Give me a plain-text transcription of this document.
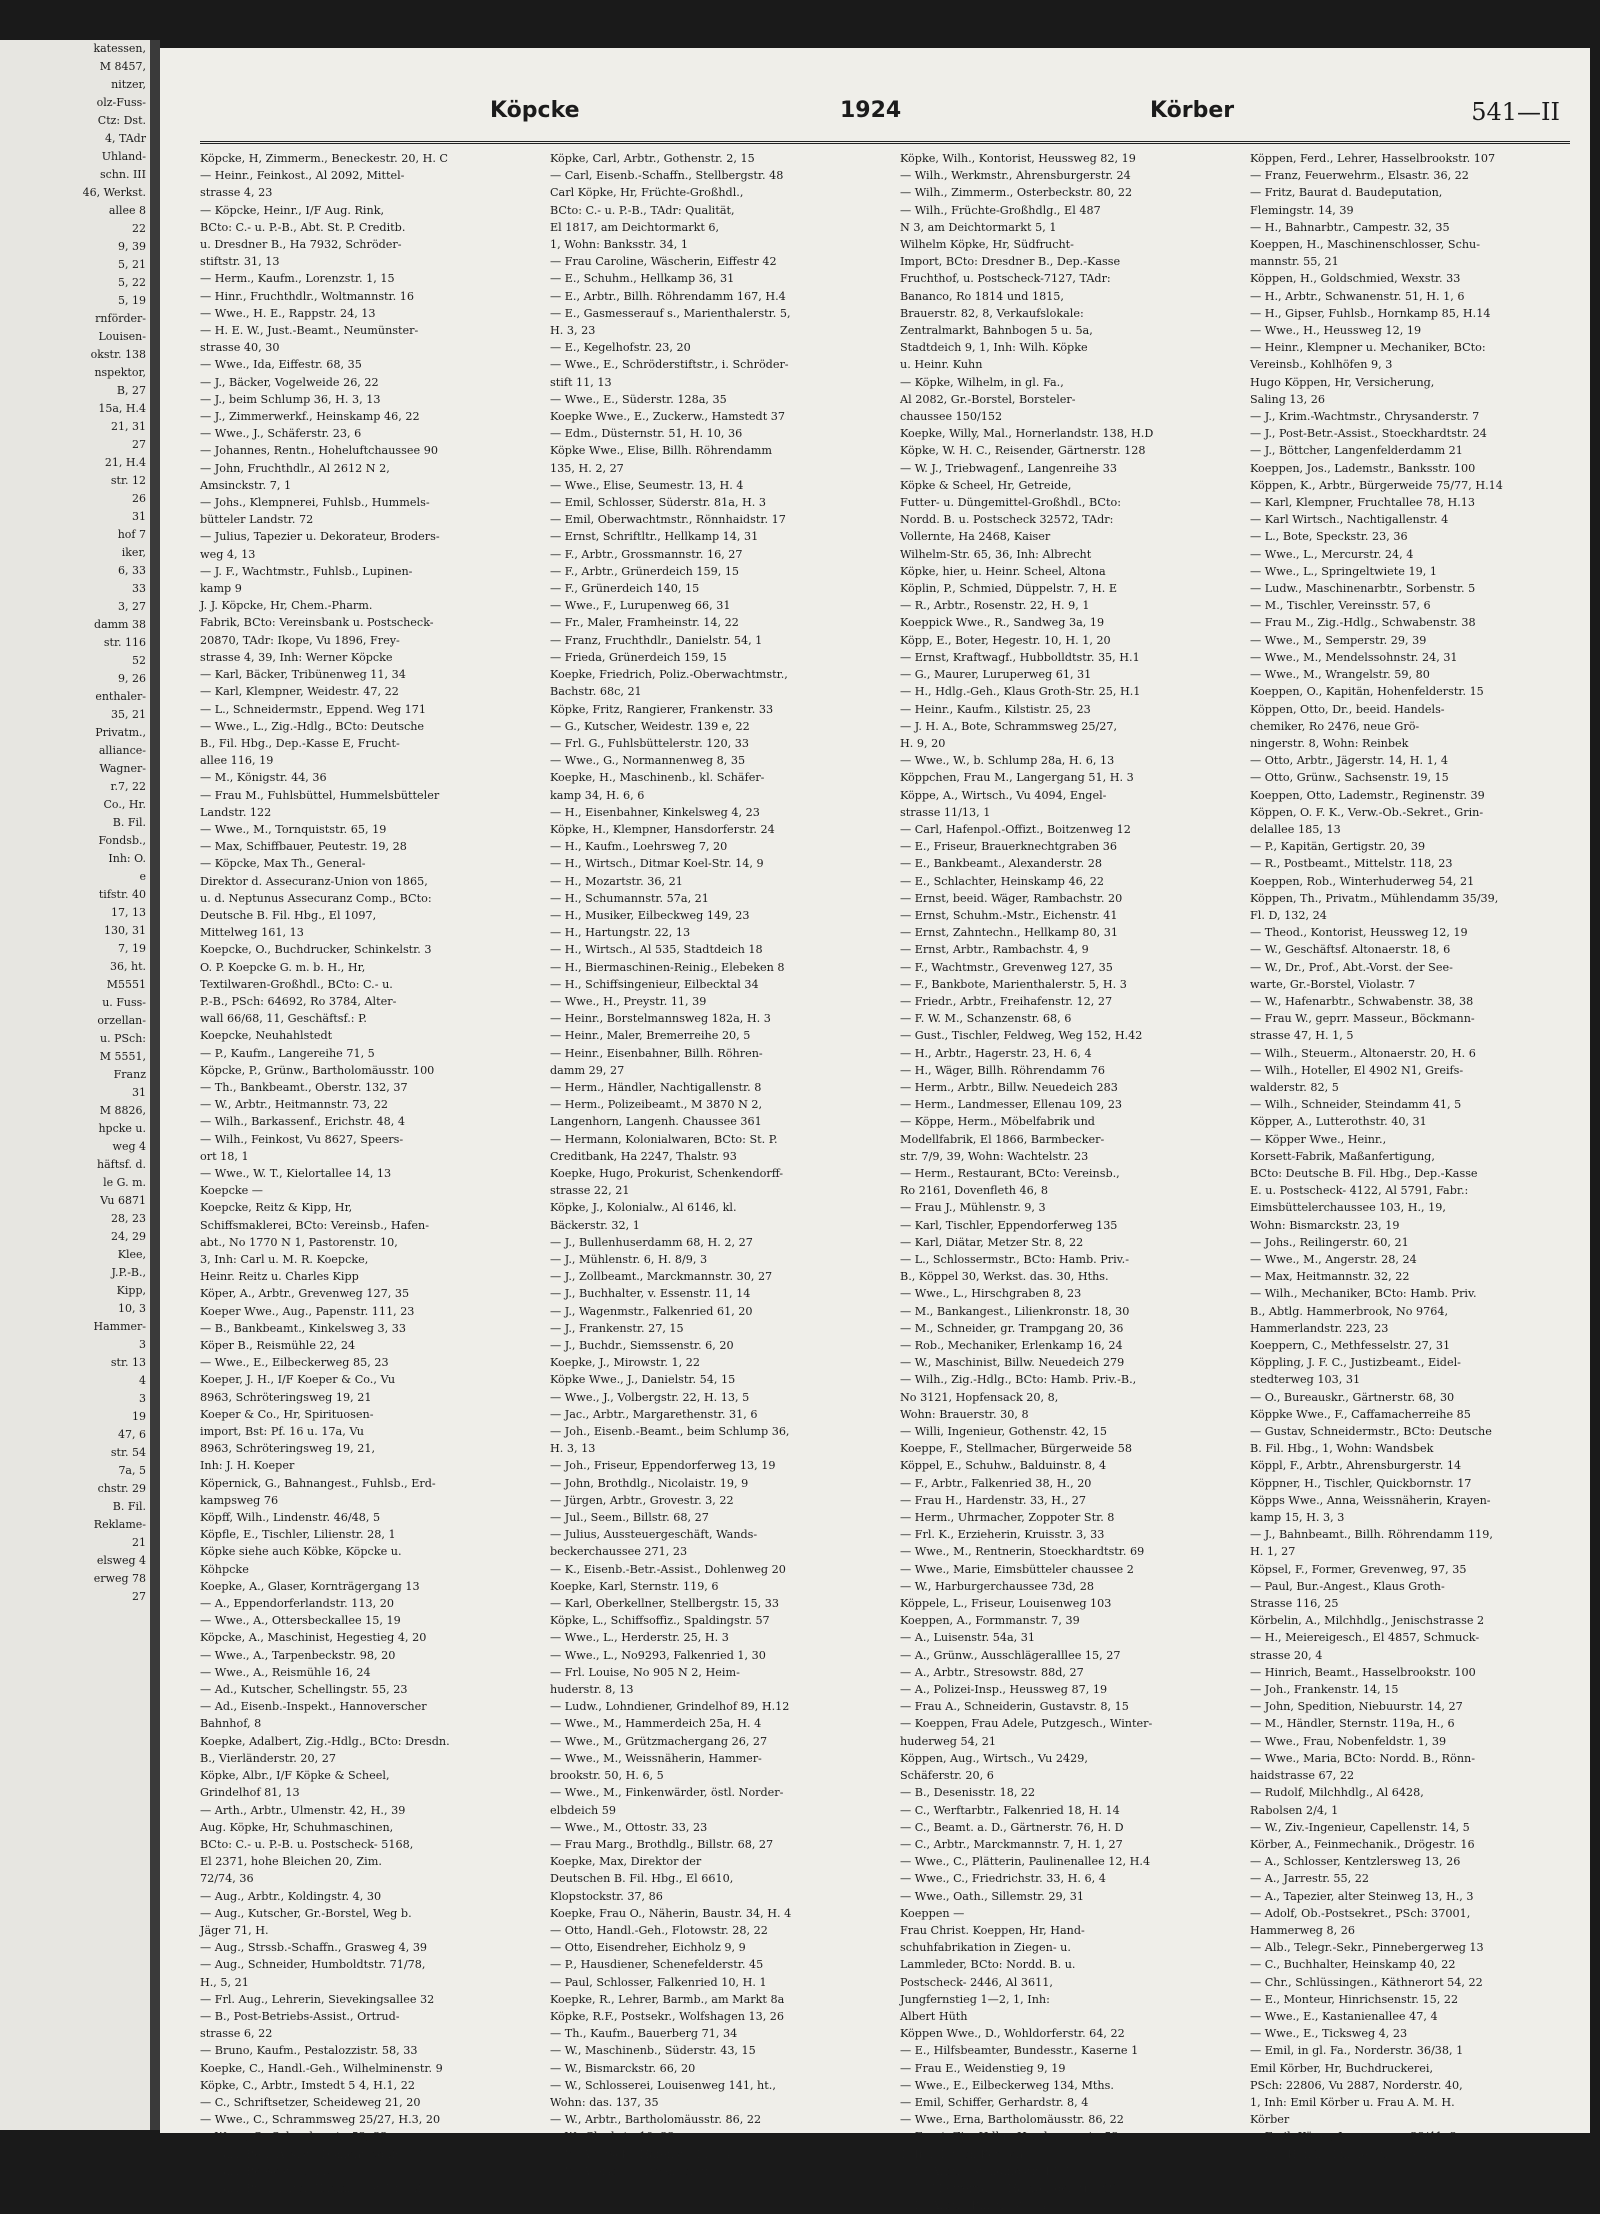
katessen,
M 8457,
nitzer,
olz-Fuss-
Ctz: Dst.
4, TAdr
Uhland-
schn. III
46, Werkst.
allee 8
22
9, 39
5, 21
5, 22
5, 19
rnförder-
Louisen-
okstr. 138
nspektor,
B, 27
15a, H.4
21, 31
27
21, H.4
str. 12
26
31
hof 7
iker,
6, 33
33
3, 27
damm 38
str. 116
52
9, 26
enthaler-
35, 21
Privatm.,
alliance-
Wagner-
r.7, 22
Co., Hr.
B. Fil.
Fondsb.,
Inh: O.
e
tifstr. 40
17, 13
130, 31
7, 19
36, ht.
M5551
u. Fuss-
orzellan-
u. PSch:
M 5551,
Franz
31
M 8826,
hpcke u.
weg 4
häftsf. d.
le G. m.
Vu 6871
28, 23
24, 29
Klee,
J.P.-B.,
Kipp,
10, 3
Hammer-
3
str. 13
4
3
19
47, 6
str. 54
7a, 5
chstr. 29
B. Fil.
Reklame-
21
elsweg 4
erweg 78
27
Köpcke	1924	Körber	541—II

Köpcke, H, Zimmerm., Beneckestr. 20, H. C

— Heinr., Feinkost., Al 2092, Mittel-

strasse 4, 23

— Köpcke, Heinr., I/F Aug. Rink,

BCto: C.- u. P.-B., Abt. St. P. Creditb.

u. Dresdner B., Ha 7932, Schröder-

stiftstr. 31, 13

— Herm., Kaufm., Lorenzstr. 1, 15

— Hinr., Fruchthdlr., Woltmannstr. 16

— Wwe., H. E., Rappstr. 24, 13

— H. E. W., Just.-Beamt., Neumünster-

strasse 40, 30

— Wwe., Ida, Eiffestr. 68, 35

— J., Bäcker, Vogelweide 26, 22

— J., beim Schlump 36, H. 3, 13

— J., Zimmerwerkf., Heinskamp 46, 22

— Wwe., J., Schäferstr. 23, 6

— Johannes, Rentn., Hoheluftchaussee 90

— John, Fruchthdlr., Al 2612 N 2,

Amsinckstr. 7, 1

— Johs., Klempnerei, Fuhlsb., Hummels-

bütteler Landstr. 72

— Julius, Tapezier u. Dekorateur, Broders-

weg 4, 13

— J. F., Wachtmstr., Fuhlsb., Lupinen-

kamp 9

J. J. Köpcke, Hr, Chem.-Pharm.

Fabrik, BCto: Vereinsbank u. Postscheck-

20870, TAdr: Ikope, Vu 1896, Frey-

strasse 4, 39, Inh: Werner Köpcke

— Karl, Bäcker, Tribünenweg 11, 34

— Karl, Klempner, Weidestr. 47, 22

— L., Schneidermstr., Eppend. Weg 171

— Wwe., L., Zig.-Hdlg., BCto: Deutsche

B., Fil. Hbg., Dep.-Kasse E, Frucht-

allee 116, 19

— M., Königstr. 44, 36

— Frau M., Fuhlsbüttel, Hummelsbütteler

Landstr. 122

— Wwe., M., Tornquiststr. 65, 19

— Max, Schiffbauer, Peutestr. 19, 28

— Köpcke, Max Th., General-

Direktor d. Assecuranz-Union von 1865,

u. d. Neptunus Assecuranz Comp., BCto:

Deutsche B. Fil. Hbg., El 1097,

Mittelweg 161, 13

Koepcke, O., Buchdrucker, Schinkelstr. 3

O. P. Koepcke G. m. b. H., Hr,

Textilwaren-Großhdl., BCto: C.- u.

P.-B., PSch: 64692, Ro 3784, Alter-

wall 66/68, 11, Geschäftsf.: P.

Koepcke, Neuhahlstedt

— P., Kaufm., Langereihe 71, 5

Köpcke, P., Grünw., Bartholomäusstr. 100

— Th., Bankbeamt., Oberstr. 132, 37

— W., Arbtr., Heitmannstr. 73, 22

— Wilh., Barkassenf., Erichstr. 48, 4

— Wilh., Feinkost, Vu 8627, Speers-

ort 18, 1

— Wwe., W. T., Kielortallee 14, 13

Koepcke —

Koepcke, Reitz & Kipp, Hr,

Schiffsmaklerei, BCto: Vereinsb., Hafen-

abt., No 1770 N 1, Pastorenstr. 10,

3, Inh: Carl u. M. R. Koepcke,

Heinr. Reitz u. Charles Kipp

Köper, A., Arbtr., Grevenweg 127, 35

Koeper Wwe., Aug., Papenstr. 111, 23

— B., Bankbeamt., Kinkelsweg 3, 33

Köper B., Reismühle 22, 24

— Wwe., E., Eilbeckerweg 85, 23

Koeper, J. H., I/F Koeper & Co., Vu

8963, Schröteringsweg 19, 21

Koeper & Co., Hr, Spirituosen-

import, Bst: Pf. 16 u. 17a, Vu

8963, Schröteringsweg 19, 21,

Inh: J. H. Koeper

Köpernick, G., Bahnangest., Fuhlsb., Erd-

kampsweg 76

Köpff, Wilh., Lindenstr. 46/48, 5

Köpfle, E., Tischler, Lilienstr. 28, 1

Köpke siehe auch Köbke, Köpcke u.

Köhpcke

Koepke, A., Glaser, Kornträgergang 13

— A., Eppendorferlandstr. 113, 20

— Wwe., A., Ottersbeckallee 15, 19

Köpcke, A., Maschinist, Hegestieg 4, 20

— Wwe., A., Tarpenbeckstr. 98, 20

— Wwe., A., Reismühle 16, 24

— Ad., Kutscher, Schellingstr. 55, 23

— Ad., Eisenb.-Inspekt., Hannoverscher

Bahnhof, 8

Koepke, Adalbert, Zig.-Hdlg., BCto: Dresdn.

B., Vierländerstr. 20, 27

Köpke, Albr., I/F Köpke & Scheel,

Grindelhof 81, 13

— Arth., Arbtr., Ulmenstr. 42, H., 39

Aug. Köpke, Hr, Schuhmaschinen,

BCto: C.- u. P.-B. u. Postscheck- 5168,

El 2371, hohe Bleichen 20, Zim.

72/74, 36

— Aug., Arbtr., Koldingstr. 4, 30

— Aug., Kutscher, Gr.-Borstel, Weg b.

Jäger 71, H.

— Aug., Strssb.-Schaffn., Grasweg 4, 39

— Aug., Schneider, Humboldtstr. 71/78,

H., 5, 21

— Frl. Aug., Lehrerin, Sievekingsallee 32

— B., Post-Betriebs-Assist., Ortrud-

strasse 6, 22

— Bruno, Kaufm., Pestalozzistr. 58, 33

Koepke, C., Handl.-Geh., Wilhelminenstr. 9

Köpke, C., Arbtr., Imstedt 5 4, H.1, 22

— C., Schriftsetzer, Scheideweg 21, 20

— Wwe., C., Schrammsweg 25/27, H.3, 20

— Wwe., C., Schwabenstr. 52, 33

— Carl, Betr.-Assist., Dohlenweg 20, 33

— Carl, Reesestr. 9, 22

— Carl, Buchhalter, Kaemmerer Ufer 2

Köpke, Carl, Arbtr., Gothenstr. 2, 15

— Carl, Eisenb.-Schaffn., Stellbergstr. 48

Carl Köpke, Hr, Früchte-Großhdl.,

BCto: C.- u. P.-B., TAdr: Qualität,

El 1817, am Deichtormarkt 6,

1, Wohn: Banksstr. 34, 1

— Frau Caroline, Wäscherin, Eiffestr 42

— E., Schuhm., Hellkamp 36, 31

— E., Arbtr., Billh. Röhrendamm 167, H.4

— E., Gasmesserauf s., Marienthalerstr. 5,

H. 3, 23

— E., Kegelhofstr. 23, 20

— Wwe., E., Schröderstiftstr., i. Schröder-

stift 11, 13

— Wwe., E., Süderstr. 128a, 35

Koepke Wwe., E., Zuckerw., Hamstedt 37

— Edm., Düsternstr. 51, H. 10, 36

Köpke Wwe., Elise, Billh. Röhrendamm

135, H. 2, 27

— Wwe., Elise, Seumestr. 13, H. 4

— Emil, Schlosser, Süderstr. 81a, H. 3

— Emil, Oberwachtmstr., Rönnhaidstr. 17

— Ernst, Schriftltr., Hellkamp 14, 31

— F., Arbtr., Grossmannstr. 16, 27

— F., Arbtr., Grünerdeich 159, 15

— F., Grünerdeich 140, 15

— Wwe., F., Lurupenweg 66, 31

— Fr., Maler, Framheinstr. 14, 22

— Franz, Fruchthdlr., Danielstr. 54, 1

— Frieda, Grünerdeich 159, 15

Koepke, Friedrich, Poliz.-Oberwachtmstr.,

Bachstr. 68c, 21

Köpke, Fritz, Rangierer, Frankenstr. 33

— G., Kutscher, Weidestr. 139 e, 22

— Frl. G., Fuhlsbüttelerstr. 120, 33

— Wwe., G., Normannenweg 8, 35

Koepke, H., Maschinenb., kl. Schäfer-

kamp 34, H. 6, 6

— H., Eisenbahner, Kinkelsweg 4, 23

Köpke, H., Klempner, Hansdorferstr. 24

— H., Kaufm., Loehrsweg 7, 20

— H., Wirtsch., Ditmar Koel-Str. 14, 9

— H., Mozartstr. 36, 21

— H., Schumannstr. 57a, 21

— H., Musiker, Eilbeckweg 149, 23

— H., Hartungstr. 22, 13

— H., Wirtsch., Al 535, Stadtdeich 18

— H., Biermaschinen-Reinig., Elebeken 8

— H., Schiffsingenieur, Eilbecktal 34

— Wwe., H., Preystr. 11, 39

— Heinr., Borstelmannsweg 182a, H. 3

— Heinr., Maler, Bremerreihe 20, 5

— Heinr., Eisenbahner, Billh. Röhren-

damm 29, 27

— Herm., Händler, Nachtigallenstr. 8

— Herm., Polizeibeamt., M 3870 N 2,

Langenhorn, Langenh. Chaussee 361

— Hermann, Kolonialwaren, BCto: St. P.

Creditbank, Ha 2247, Thalstr. 93

Koepke, Hugo, Prokurist, Schenkendorff-

strasse 22, 21

Köpke, J., Kolonialw., Al 6146, kl.

Bäckerstr. 32, 1

— J., Bullenhuserdamm 68, H. 2, 27

— J., Mühlenstr. 6, H. 8/9, 3

— J., Zollbeamt., Marckmannstr. 30, 27

— J., Buchhalter, v. Essenstr. 11, 14

— J., Wagenmstr., Falkenried 61, 20

— J., Frankenstr. 27, 15

— J., Buchdr., Siemssenstr. 6, 20

Koepke, J., Mirowstr. 1, 22

Köpke Wwe., J., Danielstr. 54, 15

— Wwe., J., Volbergstr. 22, H. 13, 5

— Jac., Arbtr., Margarethenstr. 31, 6

— Joh., Eisenb.-Beamt., beim Schlump 36,

H. 3, 13

— Joh., Friseur, Eppendorferweg 13, 19

— John, Brothdlg., Nicolaistr. 19, 9

— Jürgen, Arbtr., Grovestr. 3, 22

— Jul., Seem., Billstr. 68, 27

— Julius, Aussteuergeschäft, Wands-

beckerchaussee 271, 23

— K., Eisenb.-Betr.-Assist., Dohlenweg 20

Koepke, Karl, Sternstr. 119, 6

— Karl, Oberkellner, Stellbergstr. 15, 33

Köpke, L., Schiffsoffiz., Spaldingstr. 57

— Wwe., L., Herderstr. 25, H. 3

— Wwe., L., No9293, Falkenried 1, 30

— Frl. Louise, No 905 N 2, Heim-

huderstr. 8, 13

— Ludw., Lohndiener, Grindelhof 89, H.12

— Wwe., M., Hammerdeich 25a, H. 4

— Wwe., M., Grützmachergang 26, 27

— Wwe., M., Weissnäherin, Hammer-

brookstr. 50, H. 6, 5

— Wwe., M., Finkenwärder, östl. Norder-

elbdeich 59

— Wwe., M., Ottostr. 33, 23

— Frau Marg., Brothdlg., Billstr. 68, 27

Koepke, Max, Direktor der

Deutschen B. Fil. Hbg., El 6610,

Klopstockstr. 37, 86

Koepke, Frau O., Näherin, Baustr. 34, H. 4

— Otto, Handl.-Geh., Flotowstr. 28, 22

— Otto, Eisendreher, Eichholz 9, 9

— P., Hausdiener, Schenefelderstr. 45

— Paul, Schlosser, Falkenried 10, H. 1

Koepke, R., Lehrer, Barmb., am Markt 8a

Köpke, R.F., Postsekr., Wolfshagen 13, 26

— Th., Kaufm., Bauerberg 71, 34

— W., Maschinenb., Süderstr. 43, 15

— W., Bismarckstr. 66, 20

— W., Schlosserei, Louisenweg 141, ht.,

Wohn: das. 137, 35

— W., Arbtr., Bartholomäusstr. 86, 22

— W., Gluckstr. 10, 22

— W., Wirtsch., Hafenstr. 118, 4

— W., Werkf., Chrysanderstr. 8, 31

Köpke, Wilh., Kontorist, Heussweg 82, 19

— Wilh., Werkmstr., Ahrensburgerstr. 24

— Wilh., Zimmerm., Osterbeckstr. 80, 22

— Wilh., Früchte-Großhdlg., El 487

N 3, am Deichtormarkt 5, 1

Wilhelm Köpke, Hr, Südfrucht-

Import, BCto: Dresdner B., Dep.-Kasse

Fruchthof, u. Postscheck-7127, TAdr:

Bananco, Ro 1814 und 1815,

Brauerstr. 82, 8, Verkaufslokale:

Zentralmarkt, Bahnbogen 5 u. 5a,

Stadtdeich 9, 1, Inh: Wilh. Köpke

u. Heinr. Kuhn

— Köpke, Wilhelm, in gl. Fa.,

Al 2082, Gr.-Borstel, Borsteler-

chaussee 150/152

Koepke, Willy, Mal., Hornerlandstr. 138, H.D

Köpke, W. H. C., Reisender, Gärtnerstr. 128

— W. J., Triebwagenf., Langenreihe 33

Köpke & Scheel, Hr, Getreide,

Futter- u. Düngemittel-Großhdl., BCto:

Nordd. B. u. Postscheck 32572, TAdr:

Vollernte, Ha 2468, Kaiser

Wilhelm-Str. 65, 36, Inh: Albrecht

Köpke, hier, u. Heinr. Scheel, Altona

Köplin, P., Schmied, Düppelstr. 7, H. E

— R., Arbtr., Rosenstr. 22, H. 9, 1

Koeppick Wwe., R., Sandweg 3a, 19

Köpp, E., Boter, Hegestr. 10, H. 1, 20

— Ernst, Kraftwagf., Hubbolldtstr. 35, H.1

— G., Maurer, Luruperweg 61, 31

— H., Hdlg.-Geh., Klaus Groth-Str. 25, H.1

— Heinr., Kaufm., Kilstistr. 25, 23

— J. H. A., Bote, Schrammsweg 25/27,

H. 9, 20

— Wwe., W., b. Schlump 28a, H. 6, 13

Köppchen, Frau M., Langergang 51, H. 3

Köppe, A., Wirtsch., Vu 4094, Engel-

strasse 11/13, 1

— Carl, Hafenpol.-Offizt., Boitzenweg 12

— E., Friseur, Brauerknechtgraben 36

— E., Bankbeamt., Alexanderstr. 28

— E., Schlachter, Heinskamp 46, 22

— Ernst, beeid. Wäger, Rambachstr. 20

— Ernst, Schuhm.-Mstr., Eichenstr. 41

— Ernst, Zahntechn., Hellkamp 80, 31

— Ernst, Arbtr., Rambachstr. 4, 9

— F., Wachtmstr., Grevenweg 127, 35

— F., Bankbote, Marienthalerstr. 5, H. 3

— Friedr., Arbtr., Freihafenstr. 12, 27

— F. W. M., Schanzenstr. 68, 6

— Gust., Tischler, Feldweg, Weg 152, H.42

— H., Arbtr., Hagerstr. 23, H. 6, 4

— H., Wäger, Billh. Röhrendamm 76

— Herm., Arbtr., Billw. Neuedeich 283

— Herm., Landmesser, Ellenau 109, 23

— Köppe, Herm., Möbelfabrik und

Modellfabrik, El 1866, Barmbecker-

str. 7/9, 39, Wohn: Wachtelstr. 23

— Herm., Restaurant, BCto: Vereinsb.,

Ro 2161, Dovenfleth 46, 8

— Frau J., Mühlenstr. 9, 3

— Karl, Tischler, Eppendorferweg 135

— Karl, Diätar, Metzer Str. 8, 22

— L., Schlossermstr., BCto: Hamb. Priv.-

B., Köppel 30, Werkst. das. 30, Hths.

— Wwe., L., Hirschgraben 8, 23

— M., Bankangest., Lilienkronstr. 18, 30

— M., Schneider, gr. Trampgang 20, 36

— Rob., Mechaniker, Erlenkamp 16, 24

— W., Maschinist, Billw. Neuedeich 279

— Wilh., Zig.-Hdlg., BCto: Hamb. Priv.-B.,

No 3121, Hopfensack 20, 8,

Wohn: Brauerstr. 30, 8

— Willi, Ingenieur, Gothenstr. 42, 15

Koeppe, F., Stellmacher, Bürgerweide 58

Köppel, E., Schuhw., Balduinstr. 8, 4

— F., Arbtr., Falkenried 38, H., 20

— Frau H., Hardenstr. 33, H., 27

— Herm., Uhrmacher, Zoppoter Str. 8

— Frl. K., Erzieherin, Kruisstr. 3, 33

— Wwe., M., Rentnerin, Stoeckhardtstr. 69

— Wwe., Marie, Eimsbütteler chaussee 2

— W., Harburgerchaussee 73d, 28

Köppele, L., Friseur, Louisenweg 103

Koeppen, A., Formmanstr. 7, 39

— A., Luisenstr. 54a, 31

— A., Grünw., Ausschlägeralllee 15, 27

— A., Arbtr., Stresowstr. 88d, 27

— A., Polizei-Insp., Heussweg 87, 19

— Frau A., Schneiderin, Gustavstr. 8, 15

— Koeppen, Frau Adele, Putzgesch., Winter-

huderweg 54, 21

Köppen, Aug., Wirtsch., Vu 2429,

Schäferstr. 20, 6

— B., Desenisstr. 18, 22

— C., Werftarbtr., Falkenried 18, H. 14

— C., Beamt. a. D., Gärtnerstr. 76, H. D

— C., Arbtr., Marckmannstr. 7, H. 1, 27

— Wwe., C., Plätterin, Paulinenallee 12, H.4

— Wwe., C., Friedrichstr. 33, H. 6, 4

— Wwe., Oath., Sillemstr. 29, 31

Koeppen —

Frau Christ. Koeppen, Hr, Hand-

schuhfabrikation in Ziegen- u.

Lammleder, BCto: Nordd. B. u.

Postscheck- 2446, Al 3611,

Jungfernstieg 1—2, 1, Inh:

Albert Hüth

Köppen Wwe., D., Wohldorferstr. 64, 22

— E., Hilfsbeamter, Bundesstr., Kaserne 1

— Frau E., Weidenstieg 9, 19

— Wwe., E., Eilbeckerweg 134, Mths.

— Emil, Schiffer, Gerhardstr. 8, 4

— Wwe., Erna, Bartholomäusstr. 86, 22

— Ernst, Zig.-Hdlg., Hamburgerstr. 53,

1, Inh: Eugen Köppen

— F., Arbtr., Spaldingstr. 47, 1

— F., Maurerparl., Hamburgerstr. 109

— F., Arbtr., Billstr. 88a, 4

Köppen, Ferd., Lehrer, Hasselbrookstr. 107

— Franz, Feuerwehrm., Elsastr. 36, 22

— Fritz, Baurat d. Baudeputation,

Flemingstr. 14, 39

— H., Bahnarbtr., Campestr. 32, 35

Koeppen, H., Maschinenschlosser, Schu-

mannstr. 55, 21

Köppen, H., Goldschmied, Wexstr. 33

— H., Arbtr., Schwanenstr. 51, H. 1, 6

— H., Gipser, Fuhlsb., Hornkamp 85, H.14

— Wwe., H., Heussweg 12, 19

— Heinr., Klempner u. Mechaniker, BCto:

Vereinsb., Kohlhöfen 9, 3

Hugo Köppen, Hr, Versicherung,

Saling 13, 26

— J., Krim.-Wachtmstr., Chrysanderstr. 7

— J., Post-Betr.-Assist., Stoeckhardtstr. 24

— J., Böttcher, Langenfelderdamm 21

Koeppen, Jos., Lademstr., Banksstr. 100

Köppen, K., Arbtr., Bürgerweide 75/77, H.14

— Karl, Klempner, Fruchtallee 78, H.13

— Karl Wirtsch., Nachtigallenstr. 4

— L., Bote, Speckstr. 23, 36

— Wwe., L., Mercurstr. 24, 4

— Wwe., L., Springeltwiete 19, 1

— Ludw., Maschinenarbtr., Sorbenstr. 5

— M., Tischler, Vereinsstr. 57, 6

— Frau M., Zig.-Hdlg., Schwabenstr. 38

— Wwe., M., Semperstr. 29, 39

— Wwe., M., Mendelssohnstr. 24, 31

— Wwe., M., Wrangelstr. 59, 80

Koeppen, O., Kapitän, Hohenfelderstr. 15

Köppen, Otto, Dr., beeid. Handels-

chemiker, Ro 2476, neue Grö-

ningerstr. 8, Wohn: Reinbek

— Otto, Arbtr., Jägerstr. 14, H. 1, 4

— Otto, Grünw., Sachsenstr. 19, 15

Koeppen, Otto, Lademstr., Reginenstr. 39

Köppen, O. F. K., Verw.-Ob.-Sekret., Grin-

delallee 185, 13

— P., Kapitän, Gertigstr. 20, 39

— R., Postbeamt., Mittelstr. 118, 23

Koeppen, Rob., Winterhuderweg 54, 21

Köppen, Th., Privatm., Mühlendamm 35/39,

Fl. D, 132, 24

— Theod., Kontorist, Heussweg 12, 19

— W., Geschäftsf. Altonaerstr. 18, 6

— W., Dr., Prof., Abt.-Vorst. der See-

warte, Gr.-Borstel, Violastr. 7

— W., Hafenarbtr., Schwabenstr. 38, 38

— Frau W., geprr. Masseur., Böckmann-

strasse 47, H. 1, 5

— Wilh., Steuerm., Altonaerstr. 20, H. 6

— Wilh., Hoteller, El 4902 N1, Greifs-

walderstr. 82, 5

— Wilh., Schneider, Steindamm 41, 5

Köpper, A., Lutterothstr. 40, 31

— Köpper Wwe., Heinr.,

Korsett-Fabrik, Maßanfertigung,

BCto: Deutsche B. Fil. Hbg., Dep.-Kasse

E. u. Postscheck- 4122, Al 5791, Fabr.:

Eimsbüttelerchaussee 103, H., 19,

Wohn: Bismarckstr. 23, 19

— Johs., Reilingerstr. 60, 21

— Wwe., M., Angerstr. 28, 24

— Max, Heitmannstr. 32, 22

— Wilh., Mechaniker, BCto: Hamb. Priv.

B., Abtlg. Hammerbrook, No 9764,

Hammerlandstr. 223, 23

Koeppern, C., Methfesselstr. 27, 31

Köppling, J. F. C., Justizbeamt., Eidel-

stedterweg 103, 31

— O., Bureauskr., Gärtnerstr. 68, 30

Köppke Wwe., F., Caffamacherreihe 85

— Gustav, Schneidermstr., BCto: Deutsche

B. Fil. Hbg., 1, Wohn: Wandsbek

Köppl, F., Arbtr., Ahrensburgerstr. 14

Köppner, H., Tischler, Quickbornstr. 17

Köpps Wwe., Anna, Weissnäherin, Krayen-

kamp 15, H. 3, 3

— J., Bahnbeamt., Billh. Röhrendamm 119,

H. 1, 27

Köpsel, F., Former, Grevenweg, 97, 35

— Paul, Bur.-Angest., Klaus Groth-

Strasse 116, 25

Körbelin, A., Milchhdlg., Jenischstrasse 2

— H., Meiereigesch., El 4857, Schmuck-

strasse 20, 4

— Hinrich, Beamt., Hasselbrookstr. 100

— Joh., Frankenstr. 14, 15

— John, Spedition, Niebuurstr. 14, 27

— M., Händler, Sternstr. 119a, H., 6

— Wwe., Frau, Nobenfeldstr. 1, 39

— Wwe., Maria, BCto: Nordd. B., Rönn-

haidstrasse 67, 22

— Rudolf, Milchhdlg., Al 6428,

Rabolsen 2/4, 1

— W., Ziv.-Ingenieur, Capellenstr. 14, 5

Körber, A., Feinmechanik., Drögestr. 16

— A., Schlosser, Kentzlersweg 13, 26

— A., Jarrestr. 55, 22

— A., Tapezier, alter Steinweg 13, H., 3

— Adolf, Ob.-Postsekret., PSch: 37001,

Hammerweg 8, 26

— Alb., Telegr.-Sekr., Pinnebergerweg 13

— C., Buchhalter, Heinskamp 40, 22

— Chr., Schlüssingen., Käthnerort 54, 22

— E., Monteur, Hinrichsenstr. 15, 22

— Wwe., E., Kastanienallee 47, 4

— Wwe., E., Ticksweg 4, 23

— Emil, in gl. Fa., Norderstr. 36/38, 1

Emil Körber, Hr, Buchdruckerei,

PSch: 22806, Vu 2887, Norderstr. 40,

1, Inh: Emil Körber u. Frau A. M. H.

Körber

— Emil, Küper, Langergang 38/41, 3

— Fr., Händl., Lindleystr. 33a, 27
